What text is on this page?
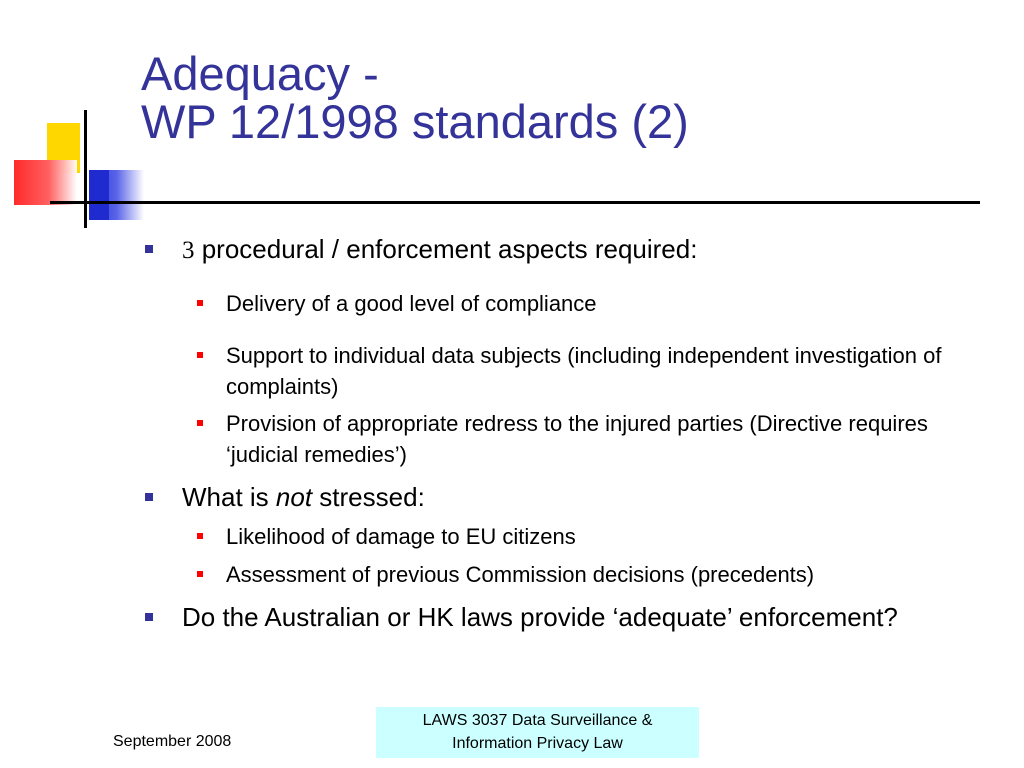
Adequacy -
WP 12/1998 standards (2)

3 procedural / enforcement aspects required:

Delivery of a good level of compliance

Support to individual data subjects (including independent investigation of complaints)

Provision of appropriate redress to the injured parties (Directive requires ‘judicial remedies’)

What is not stressed:

Likelihood of damage to EU citizens

Assessment of previous Commission decisions (precedents)

Do the Australian or HK laws provide ‘adequate’ enforcement?

September 2008
LAWS 3037 Data Surveillance &
Information Privacy Law
